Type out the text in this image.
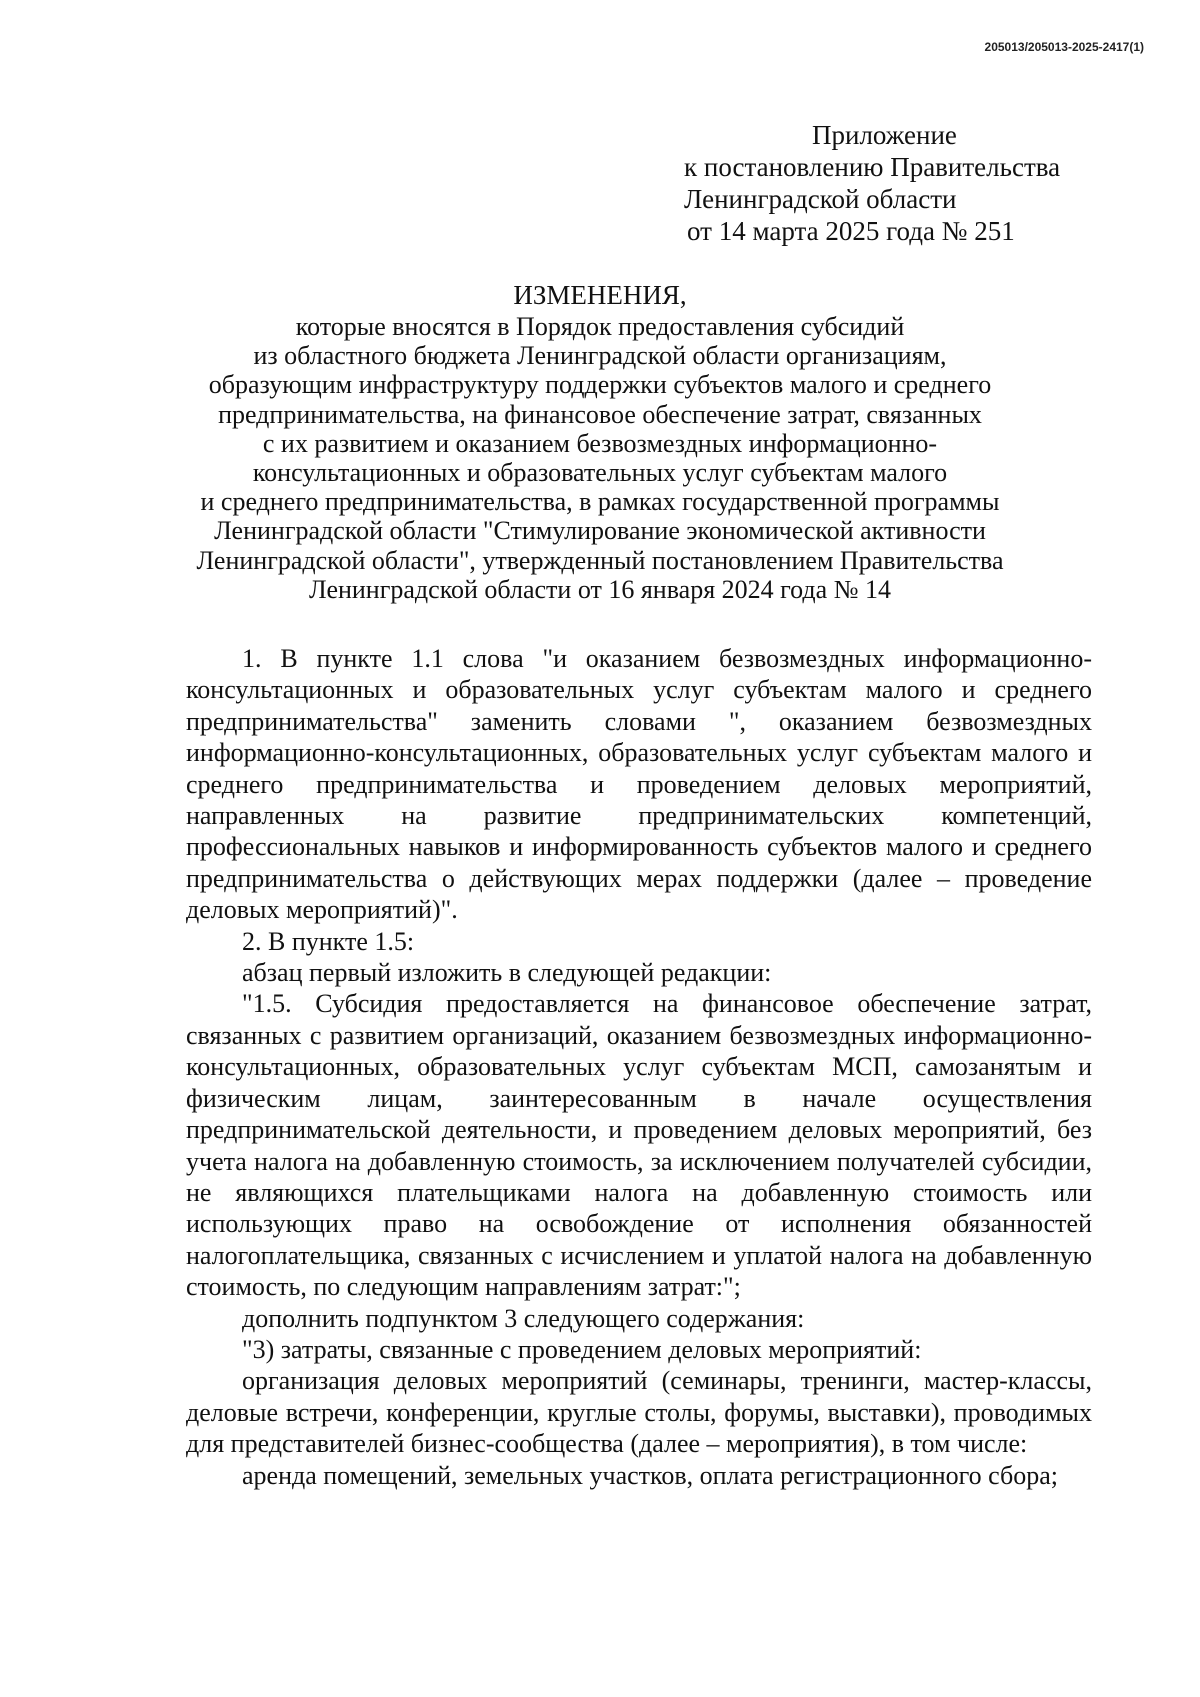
205013/205013-2025-2417(1)
Приложение
к постановлению Правительства
Ленинградской области
от 14 марта 2025 года № 251
ИЗМЕНЕНИЯ,
которые вносятся в Порядок предоставления субсидий
из областного бюджета Ленинградской области организациям,
образующим инфраструктуру поддержки субъектов малого и среднего
предпринимательства, на финансовое обеспечение затрат, связанных
с их развитием и оказанием безвозмездных информационно-
консультационных и образовательных услуг субъектам малого
и среднего предпринимательства, в рамках государственной программы
Ленинградской области "Стимулирование экономической активности
Ленинградской области", утвержденный постановлением Правительства
Ленинградской области от 16 января 2024 года № 14

1. В пункте 1.1 слова "и оказанием безвозмездных информационно-консультационных и образовательных услуг субъектам малого и среднего предпринимательства" заменить словами ", оказанием безвозмездных информационно-консультационных, образовательных услуг субъектам малого и среднего предпринимательства и проведением деловых мероприятий, направленных на развитие предпринимательских компетенций, профессиональных навыков и информированность субъектов малого и среднего предпринимательства о действующих мерах поддержки (далее – проведение деловых мероприятий)".

2. В пункте 1.5:

абзац первый изложить в следующей редакции:

"1.5. Субсидия предоставляется на финансовое обеспечение затрат, связанных с развитием организаций, оказанием безвозмездных информационно-консультационных, образовательных услуг субъектам МСП, самозанятым и физическим лицам, заинтересованным в начале осуществления предпринимательской деятельности, и проведением деловых мероприятий, без учета налога на добавленную стоимость, за исключением получателей субсидии, не являющихся плательщиками налога на добавленную стоимость или использующих право на освобождение от исполнения обязанностей налогоплательщика, связанных с исчислением и уплатой налога на добавленную стоимость, по следующим направлениям затрат:";

дополнить подпунктом 3 следующего содержания:

"3) затраты, связанные с проведением деловых мероприятий:

организация деловых мероприятий (семинары, тренинги, мастер-классы, деловые встречи, конференции, круглые столы, форумы, выставки), проводимых для представителей бизнес-сообщества (далее – мероприятия), в том числе:

аренда помещений, земельных участков, оплата регистрационного сбора;
